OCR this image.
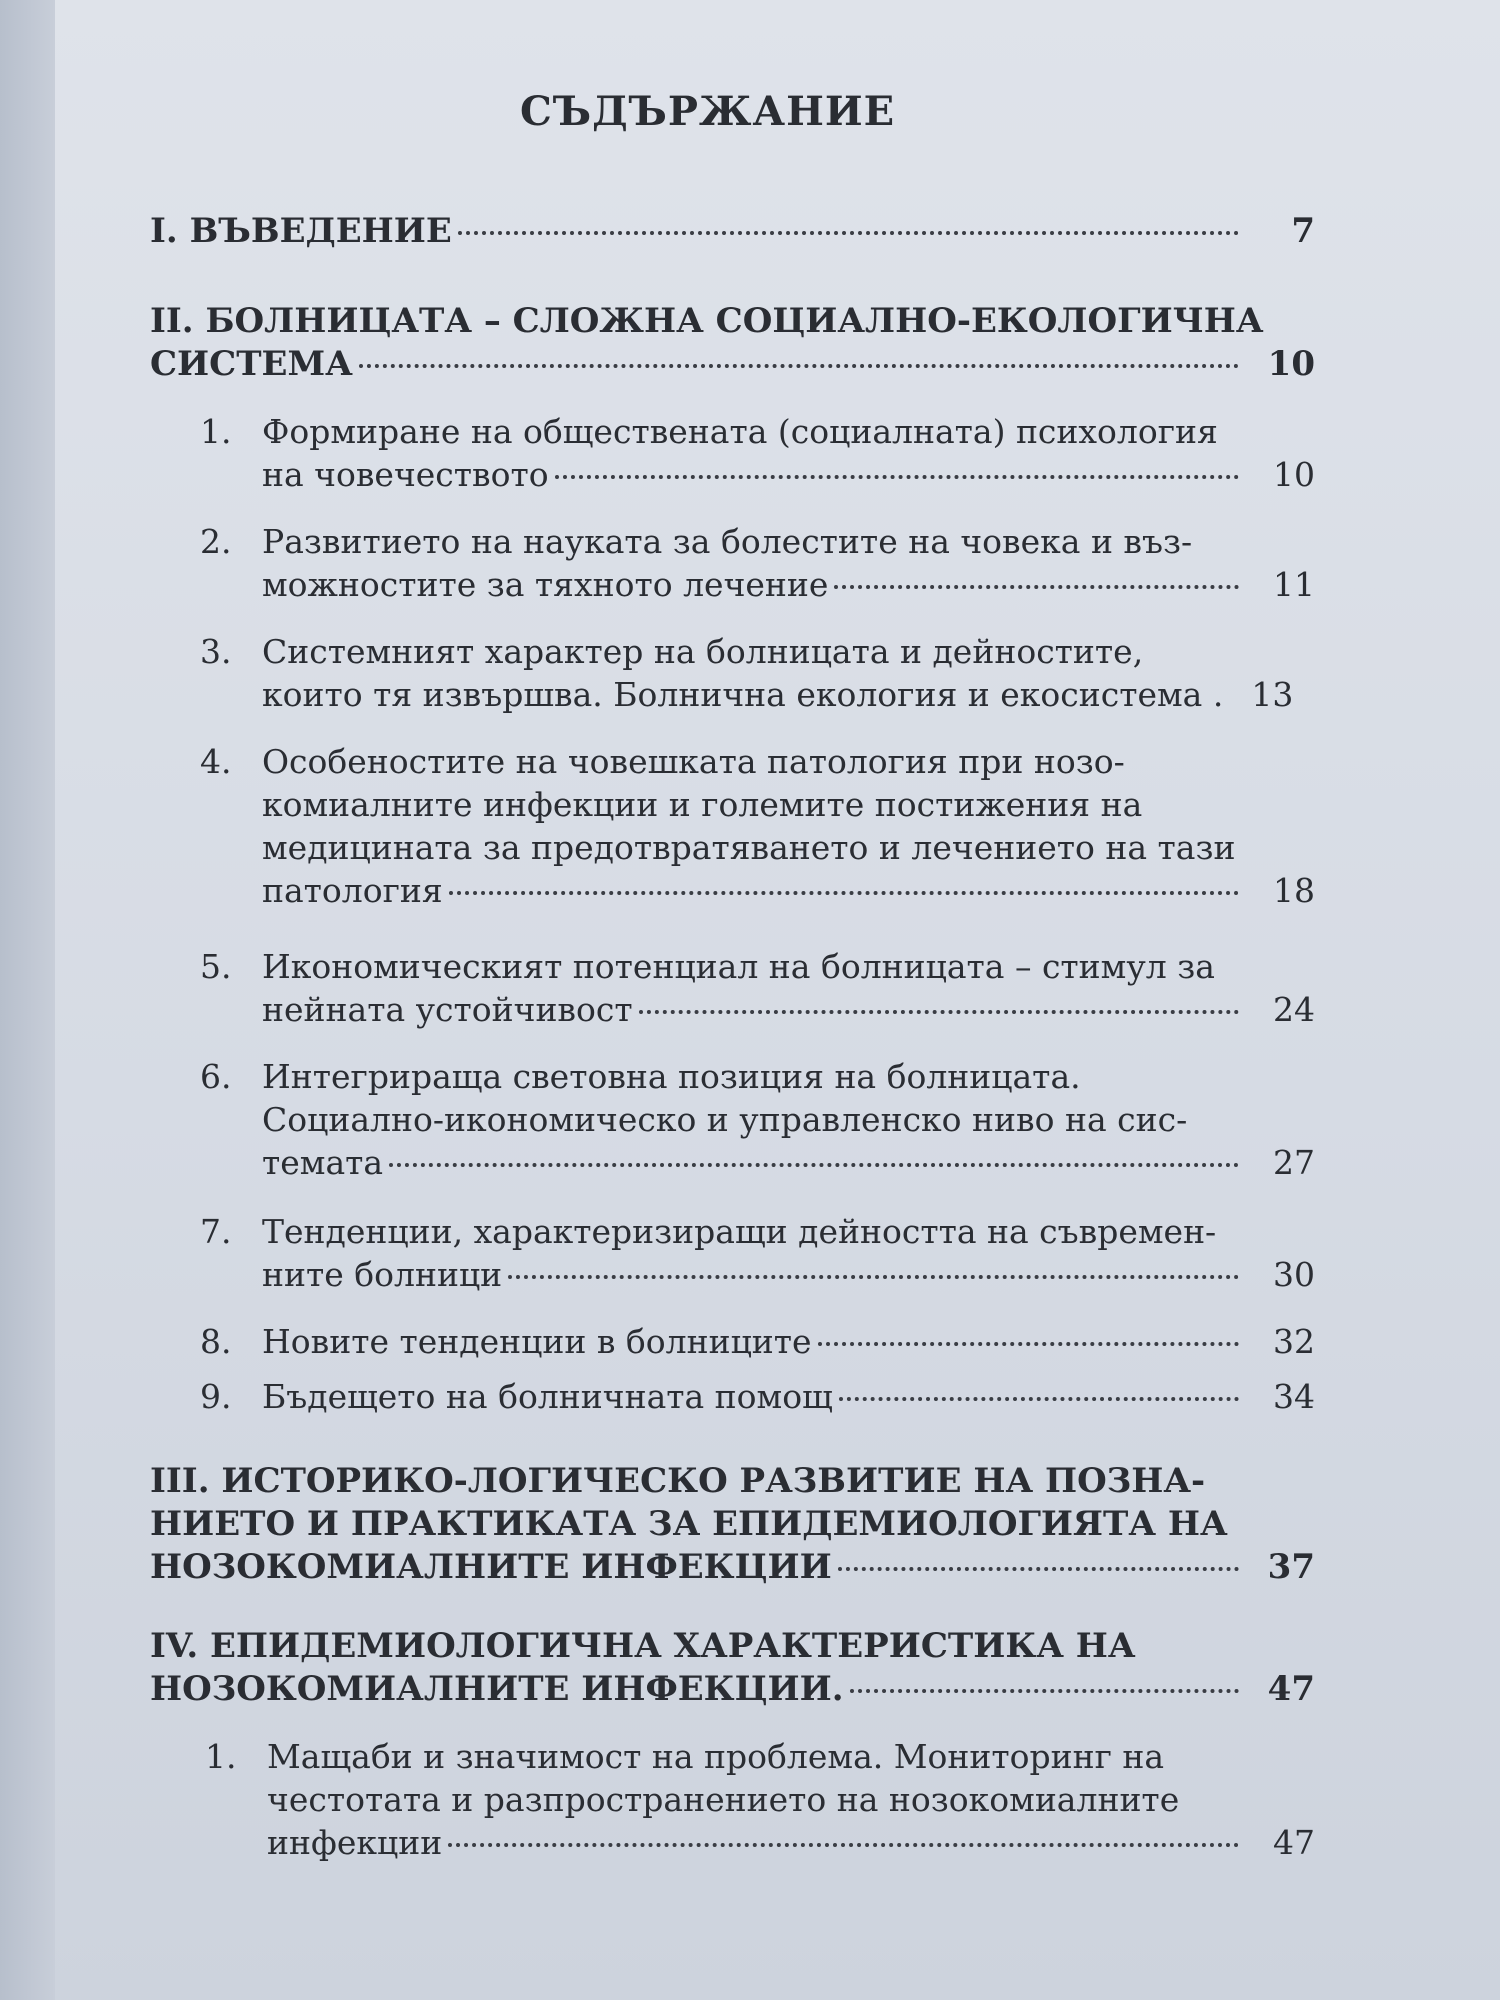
СЪДЪРЖАНИЕ
I. ВЪВЕДЕНИЕ	7
II. БОЛНИЦАТА – СЛОЖНА СОЦИАЛНО-ЕКОЛОГИЧНА
СИСТЕМА	10
1. Формиране на обществената (социалната) психология
на човечеството	10
2. Развитието на науката за болестите на човека и въз-
можностите за тяхното лечение	11
3. Системният характер на болницата и дейностите,
които тя извършва. Болнична екология и екосистема . 13
4. Особеностите на човешката патология при нозо-
комиалните инфекции и големите постижения на
медицината за предотвратяването и лечението на тази
патология	18
5. Икономическият потенциал на болницата – стимул за
нейната устойчивост	24
6. Интегрираща световна позиция на болницата.
Социално-икономическо и управленско ниво на сис-
темата	27
7. Тенденции, характеризиращи дейността на съвремен-
ните болници	30
8. Новите тенденции в болниците	32
9. Бъдещето на болничната помощ	34
III. ИСТОРИКО-ЛОГИЧЕСКО РАЗВИТИЕ НА ПОЗНА-
НИЕТО И ПРАКТИКАТА ЗА ЕПИДЕМИОЛОГИЯТА НА
НОЗОКОМИАЛНИТЕ ИНФЕКЦИИ	37
IV. ЕПИДЕМИОЛОГИЧНА ХАРАКТЕРИСТИКА НА
НОЗОКОМИАЛНИТЕ ИНФЕКЦИИ.	47
1. Мащаби и значимост на проблема. Мониторинг на
честотата и разпространението на нозокомиалните
инфекции	47
